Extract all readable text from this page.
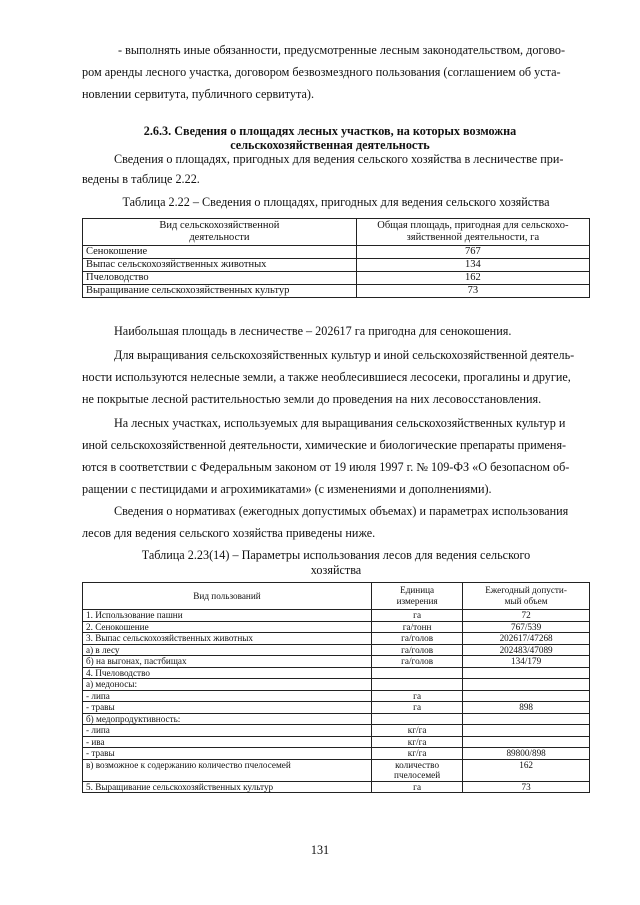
- выполнять иные обязанности, предусмотренные лесным законодательством, догово-
ром аренды лесного участка, договором безвозмездного пользования (соглашением об уста-
новлении сервитута, публичного сервитута).
2.6.3. Сведения о площадях лесных участков, на которых возможна
сельскохозяйственная деятельность
Сведения о площадях, пригодных для ведения сельского хозяйства в лесничестве при-
ведены в таблице 2.22.
Таблица 2.22 – Сведения о площадях, пригодных для ведения сельского хозяйства
Вид сельскохозяйственной
деятельности	Общая площадь, пригодная для сельскохо-
зяйственной деятельности, га
Сенокошение	767
Выпас сельскохозяйственных животных	134
Пчеловодство	162
Выращивание сельскохозяйственных культур	73
Наибольшая площадь в лесничестве – 202617 га пригодна для сенокошения.
Для выращивания сельскохозяйственных культур и иной сельскохозяйственной деятель-
ности используются нелесные земли, а также необлесившиеся лесосеки, прогалины и другие,
не покрытые лесной растительностью земли до проведения на них лесовосстановления.
На лесных участках, используемых для выращивания сельскохозяйственных культур и
иной сельскохозяйственной деятельности, химические и биологические препараты применя-
ются в соответствии с Федеральным законом от 19 июля 1997 г. № 109-ФЗ «О безопасном об-
ращении с пестицидами и агрохимикатами» (с изменениями и дополнениями).
Сведения о нормативах (ежегодных допустимых объемах) и параметрах использования
лесов для ведения сельского хозяйства приведены ниже.
Таблица 2.23(14) – Параметры использования лесов для ведения сельского
хозяйства
Вид пользований	Единица
измерения	Ежегодный допусти-
мый объем
1. Использование пашни	га	72
2. Сенокошение	га/тонн	767/539
3. Выпас сельскохозяйственных животных	га/голов	202617/47268
а) в лесу	га/голов	202483/47089
б) на выгонах, пастбищах	га/голов	134/179
4. Пчеловодство		
а) медоносы:		
- липа	га	
- травы	га	898
б) медопродуктивность:		
- липа	кг/га	
- ива	кг/га	
- травы	кг/га	89800/898
в) возможное к содержанию количество пчелосемей	количество
пчелосемей	162
5. Выращивание сельскохозяйственных культур	га	73
131
